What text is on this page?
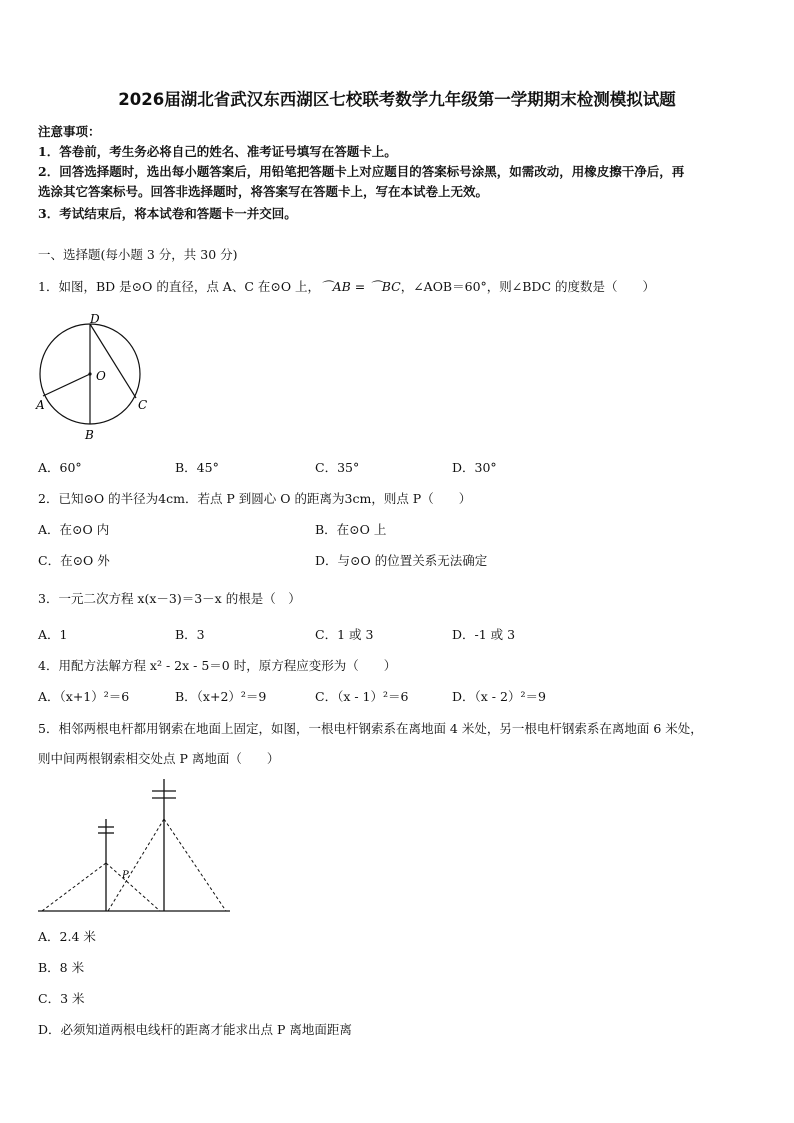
2026届湖北省武汉东西湖区七校联考数学九年级第一学期期末检测模拟试题
注意事项：
1．答卷前，考生务必将自己的姓名、准考证号填写在答题卡上。
2．回答选择题时，选出每小题答案后，用铅笔把答题卡上对应题目的答案标号涂黑，如需改动，用橡皮擦干净后，再
选涂其它答案标号。回答非选择题时，将答案写在答题卡上，写在本试卷上无效。
3．考试结束后，将本试卷和答题卡一并交回。
一、选择题(每小题 3 分，共 30 分)
1．如图，BD 是⊙O 的直径，点 A、C 在⊙O 上，⌒AB = ⌒BC，∠AOB＝60°，则∠BDC 的度数是（　　）
D
O
A	C
B
A．60°	B．45°	C．35°	D．30°
2．已知⊙O 的半径为4cm．若点 P 到圆心 O 的距离为3cm，则点 P（　　）
A．在⊙O 内	B．在⊙O 上
C．在⊙O 外	D．与⊙O 的位置关系无法确定
3．一元二次方程 x(x－3)＝3－x 的根是（　）
A．1	B．3	C．1 或 3	D．-1 或 3
4．用配方法解方程 x² - 2x - 5＝0 时，原方程应变形为（　　）
A．（x+1）²＝6	B．（x+2）²＝9	C．（x - 1）²＝6	D．（x - 2）²＝9
5．相邻两根电杆都用钢索在地面上固定，如图，一根电杆钢索系在离地面 4 米处，另一根电杆钢索系在离地面 6 米处，
则中间两根钢索相交处点 P 离地面（　　）
P
A．2.4 米
B．8 米
C．3 米
D．必须知道两根电线杆的距离才能求出点 P 离地面距离
